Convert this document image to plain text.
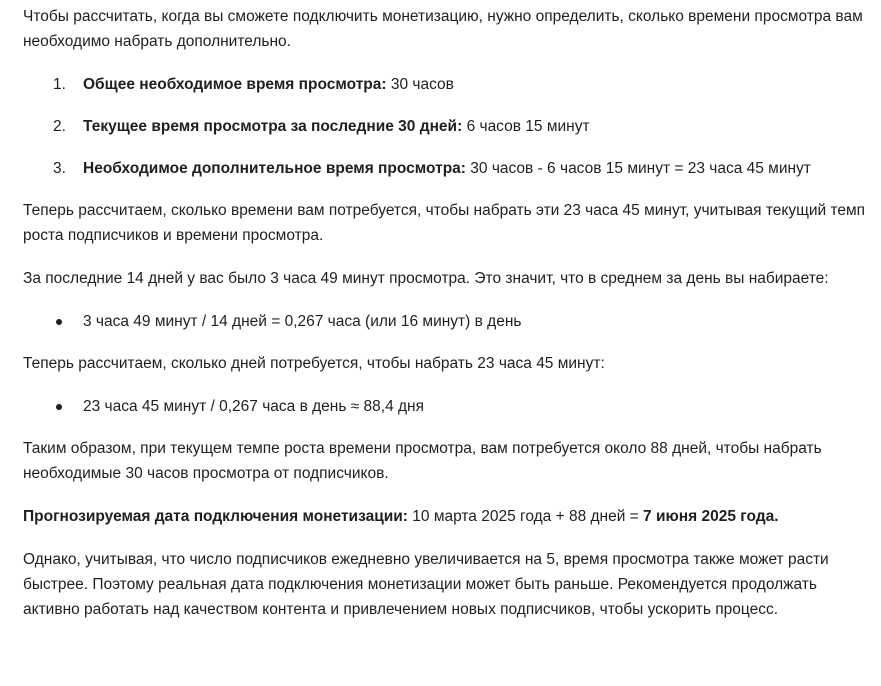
Чтобы рассчитать, когда вы сможете подключить монетизацию, нужно определить, сколько времени просмотра вам необходимо набрать дополнительно.

1. Общее необходимое время просмотра: 30 часов
2. Текущее время просмотра за последние 30 дней: 6 часов 15 минут
3. Необходимое дополнительное время просмотра: 30 часов - 6 часов 15 минут = 23 часа 45 минут

Теперь рассчитаем, сколько времени вам потребуется, чтобы набрать эти 23 часа 45 минут, учитывая текущий темп роста подписчиков и времени просмотра.

За последние 14 дней у вас было 3 часа 49 минут просмотра. Это значит, что в среднем за день вы набираете:

3 часа 49 минут / 14 дней = 0,267 часа (или 16 минут) в день

Теперь рассчитаем, сколько дней потребуется, чтобы набрать 23 часа 45 минут:

23 часа 45 минут / 0,267 часа в день ≈ 88,4 дня

Таким образом, при текущем темпе роста времени просмотра, вам потребуется около 88 дней, чтобы набрать необходимые 30 часов просмотра от подписчиков.

Прогнозируемая дата подключения монетизации: 10 марта 2025 года + 88 дней = 7 июня 2025 года.

Однако, учитывая, что число подписчиков ежедневно увеличивается на 5, время просмотра также может расти быстрее. Поэтому реальная дата подключения монетизации может быть раньше. Рекомендуется продолжать активно работать над качеством контента и привлечением новых подписчиков, чтобы ускорить процесс.
